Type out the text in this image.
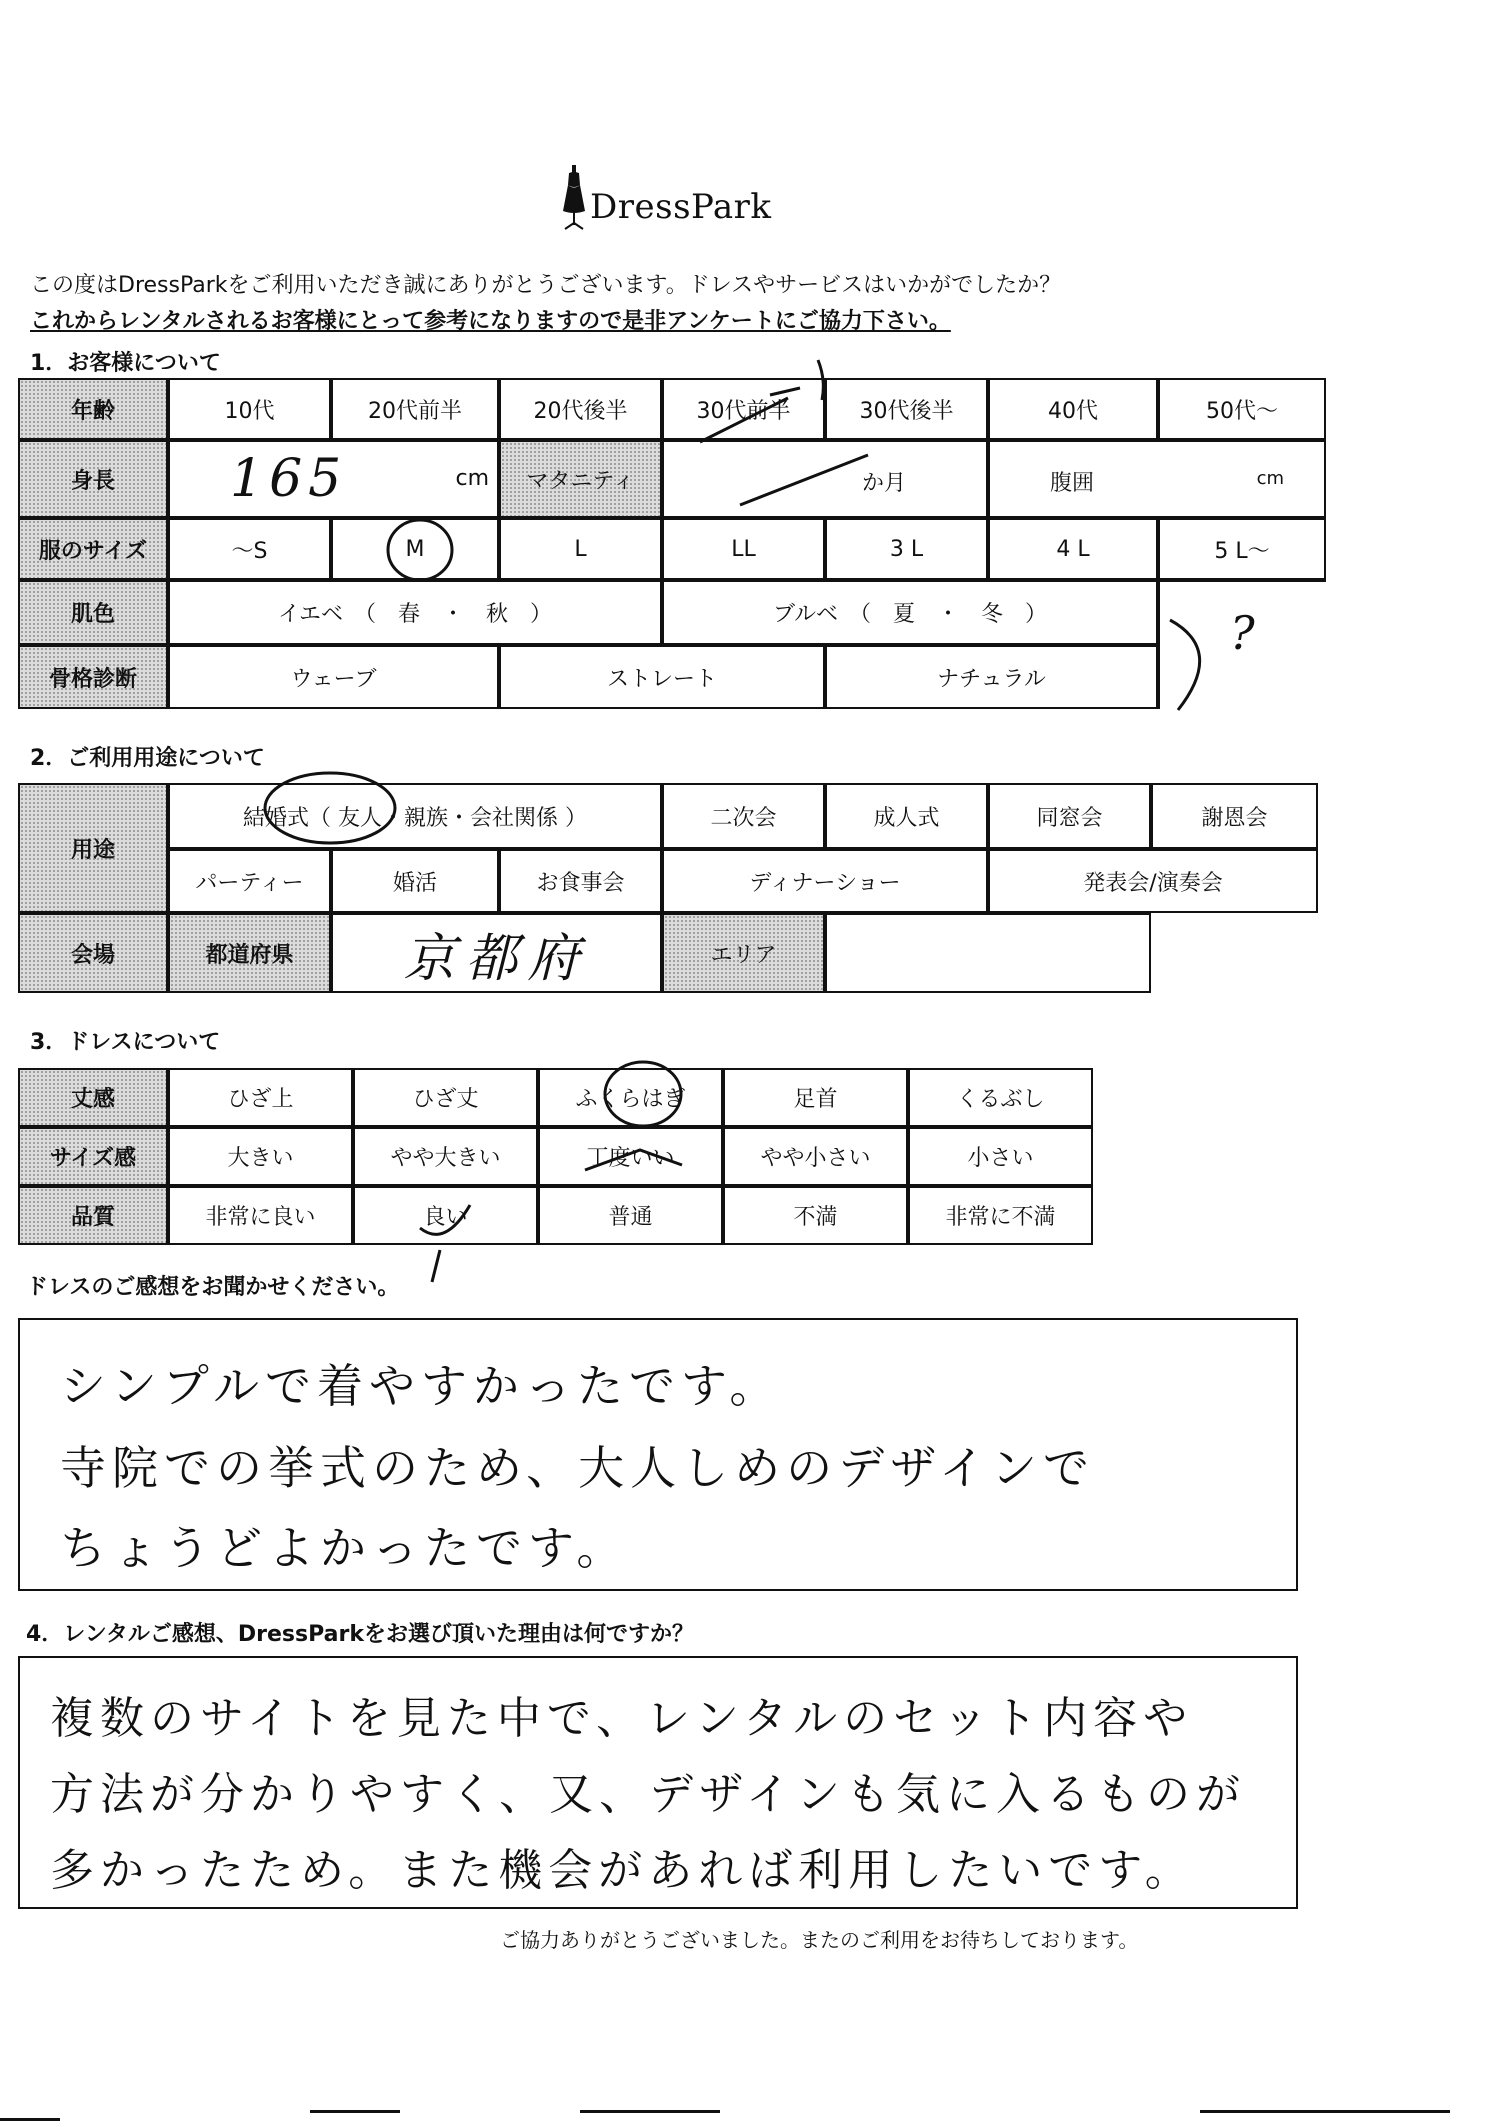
DressPark
この度はDressParkをご利用いただき誠にありがとうございます。ドレスやサービスはいかがでしたか？
これからレンタルされるお客様にとって参考になりますので是非アンケートにご協力下さい。
1．お客様について
年齢	10代	20代前半	20代後半	30代前半	30代後半	40代	50代～
身長	165	cm	マタニティ	か月	腹囲	cm
服のサイズ	～S	M	L	LL	3 L	4 L	5 L～
肌色	イエベ　（　春　・　秋　）	ブルベ　（　夏　・　冬　）	?
骨格診断	ウェーブ	ストレート	ナチュラル
2．ご利用用途について
用途
結婚式（ 友人・親族・会社関係 ）	二次会	成人式	同窓会	謝恩会
パーティー	婚活	お食事会	ディナーショー	発表会/演奏会
会場	都道府県	京都府	エリア
3．ドレスについて
丈感	ひざ上	ひざ丈	ふくらはぎ	足首	くるぶし
サイズ感	大きい	やや大きい	丁度いい	やや小さい	小さい
品質	非常に良い	良い	普通	不満	非常に不満
ドレスのご感想をお聞かせください。
シンプルで着やすかったです。
寺院での挙式のため、大人しめのデザインで
ちょうどよかったです。
4．レンタルご感想、DressParkをお選び頂いた理由は何ですか？
複数のサイトを見た中で、レンタルのセット内容や
方法が分かりやすく、又、デザインも気に入るものが
多かったため。また機会があれば利用したいです。
ご協力ありがとうございました。またのご利用をお待ちしております。
